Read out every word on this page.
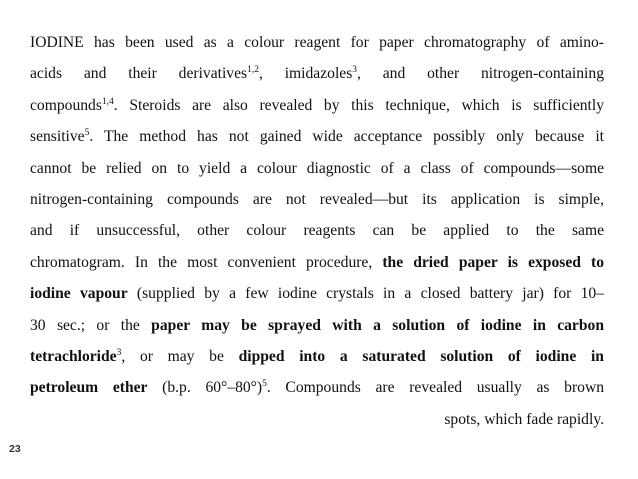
IODINE has been used as a colour reagent for paper chromatography of amino-
acids and their derivatives$^{1,2}$, imidazoles$^3$, and other nitrogen-containing
compounds$^{1,4}$. Steroids are also revealed by this technique, which is sufficiently
sensitive$^5$. The method has not gained wide acceptance possibly only because it
cannot be relied on to yield a colour diagnostic of a class of compounds—some
nitrogen-containing compounds are not revealed—but its application is simple,
and if unsuccessful, other colour reagents can be applied to the same
chromatogram. In the most convenient procedure, the dried paper is exposed to
iodine vapour (supplied by a few iodine crystals in a closed battery jar) for 10–
30 sec.; or the paper may be sprayed with a solution of iodine in carbon
tetrachloride$^3$, or may be dipped into a saturated solution of iodine in
petroleum ether (b.p. 60°–80°)$^5$. Compounds are revealed usually as brown
spots, which fade rapidly.
23
